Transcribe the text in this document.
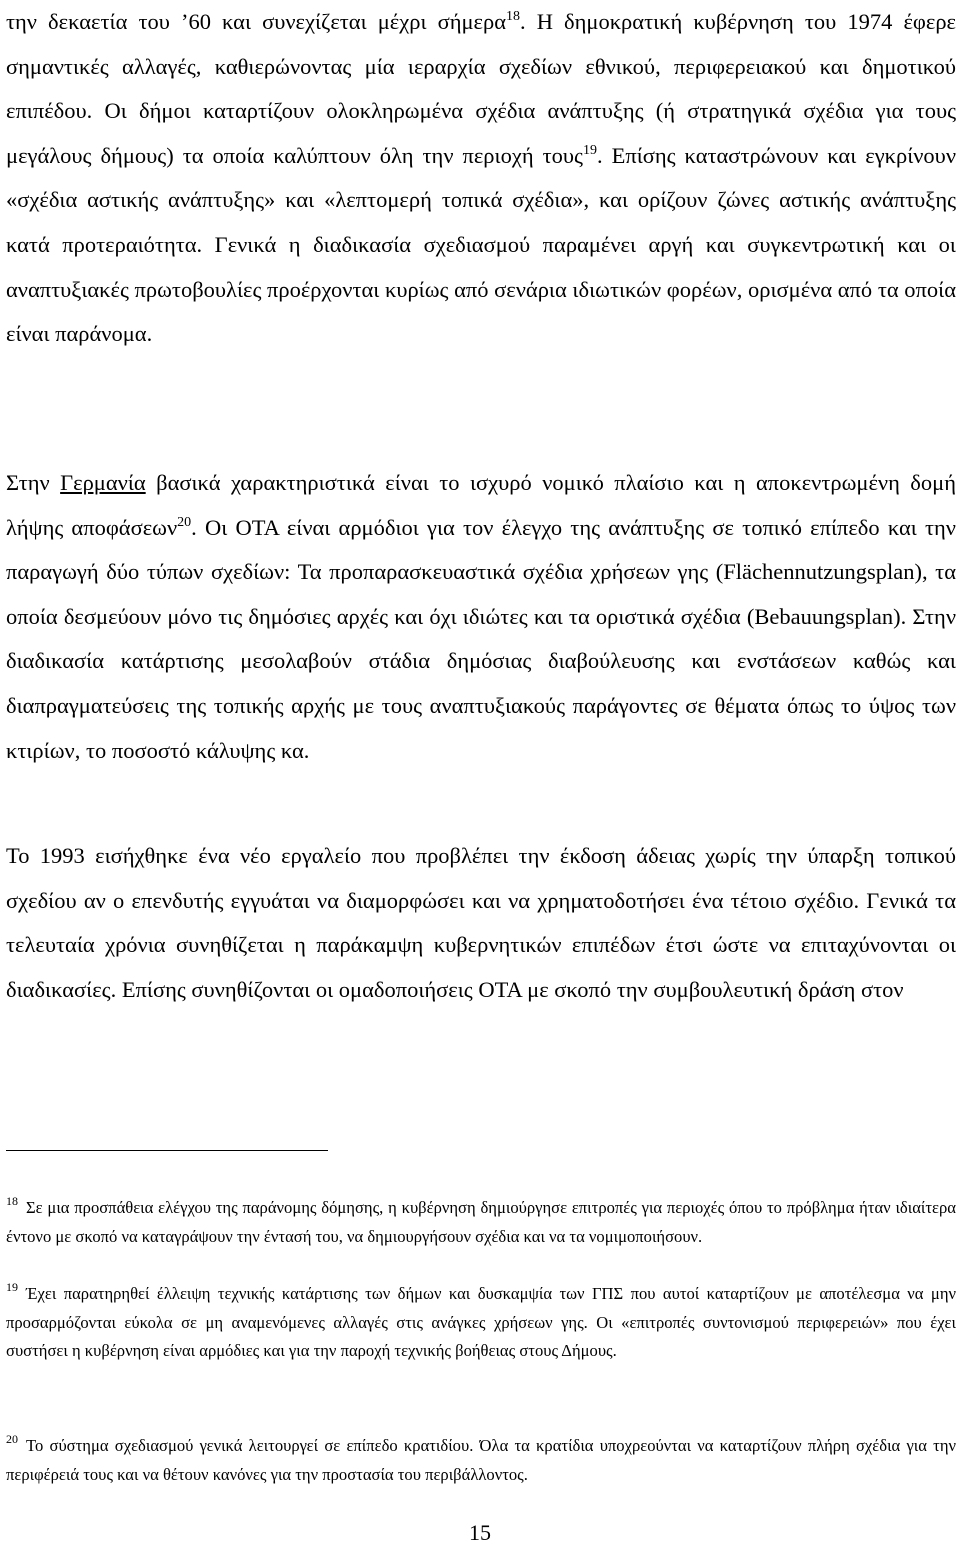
την δεκαετία του ’60 και συνεχίζεται μέχρι σήμερα$^{18}$. Η δημοκρατική κυβέρνηση του 1974 έφερε σημαντικές αλλαγές, καθιερώνοντας μία ιεραρχία σχεδίων εθνικού, περιφερειακού και δημοτικού επιπέδου. Οι δήμοι καταρτίζουν ολοκληρωμένα σχέδια ανάπτυξης (ή στρατηγικά σχέδια για τους μεγάλους δήμους) τα οποία καλύπτουν όλη την περιοχή τους$^{19}$. Επίσης καταστρώνουν και εγκρίνουν «σχέδια αστικής ανάπτυξης» και «λεπτομερή τοπικά σχέδια», και ορίζουν ζώνες αστικής ανάπτυξης κατά προτεραιότητα. Γενικά η διαδικασία σχεδιασμού παραμένει αργή και συγκεντρωτική και οι αναπτυξιακές πρωτοβουλίες προέρχονται κυρίως από σενάρια ιδιωτικών φορέων, ορισμένα από τα οποία είναι παράνομα.

Στην Γερμανία βασικά χαρακτηριστικά είναι το ισχυρό νομικό πλαίσιο και η αποκεντρωμένη δομή λήψης αποφάσεων$^{20}$. Οι ΟΤΑ είναι αρμόδιοι για τον έλεγχο της ανάπτυξης σε τοπικό επίπεδο και την παραγωγή δύο τύπων σχεδίων: Τα προπαρασκευαστικά σχέδια χρήσεων γης (Flächennutzungsplan), τα οποία δεσμεύουν μόνο τις δημόσιες αρχές και όχι ιδιώτες και τα οριστικά σχέδια (Bebauungsplan). Στην διαδικασία κατάρτισης μεσολαβούν στάδια δημόσιας διαβούλευσης και ενστάσεων καθώς και διαπραγματεύσεις της τοπικής αρχής με τους αναπτυξιακούς παράγοντες σε θέματα όπως το ύψος των κτιρίων, το ποσοστό κάλυψης κα.

Το 1993 εισήχθηκε ένα νέο εργαλείο που προβλέπει την έκδοση άδειας χωρίς την ύπαρξη τοπικού σχεδίου αν ο επενδυτής εγγυάται να διαμορφώσει και να χρηματοδοτήσει ένα τέτοιο σχέδιο. Γενικά τα τελευταία χρόνια συνηθίζεται η παράκαμψη κυβερνητικών επιπέδων έτσι ώστε να επιταχύνονται οι διαδικασίες. Επίσης συνηθίζονται οι ομαδοποιήσεις ΟΤΑ με σκοπό την συμβουλευτική δράση στον

$^{18}$ Σε μια προσπάθεια ελέγχου της παράνομης δόμησης, η κυβέρνηση δημιούργησε επιτροπές για περιοχές όπου το πρόβλημα ήταν ιδιαίτερα έντονο με σκοπό να καταγράψουν την έντασή του, να δημιουργήσουν σχέδια και να τα νομιμοποιήσουν.

$^{19}$ Έχει παρατηρηθεί έλλειψη τεχνικής κατάρτισης των δήμων και δυσκαμψία των ΓΠΣ που αυτοί καταρτίζουν με αποτέλεσμα να μην προσαρμόζονται εύκολα σε μη αναμενόμενες αλλαγές στις ανάγκες χρήσεων γης. Οι «επιτροπές συντονισμού περιφερειών» που έχει συστήσει η κυβέρνηση είναι αρμόδιες και για την παροχή τεχνικής βοήθειας στους Δήμους.

$^{20}$ Το σύστημα σχεδιασμού γενικά λειτουργεί σε επίπεδο κρατιδίου. Όλα τα κρατίδια υποχρεούνται να καταρτίζουν πλήρη σχέδια για την περιφέρειά τους και να θέτουν κανόνες για την προστασία του περιβάλλοντος.

15
